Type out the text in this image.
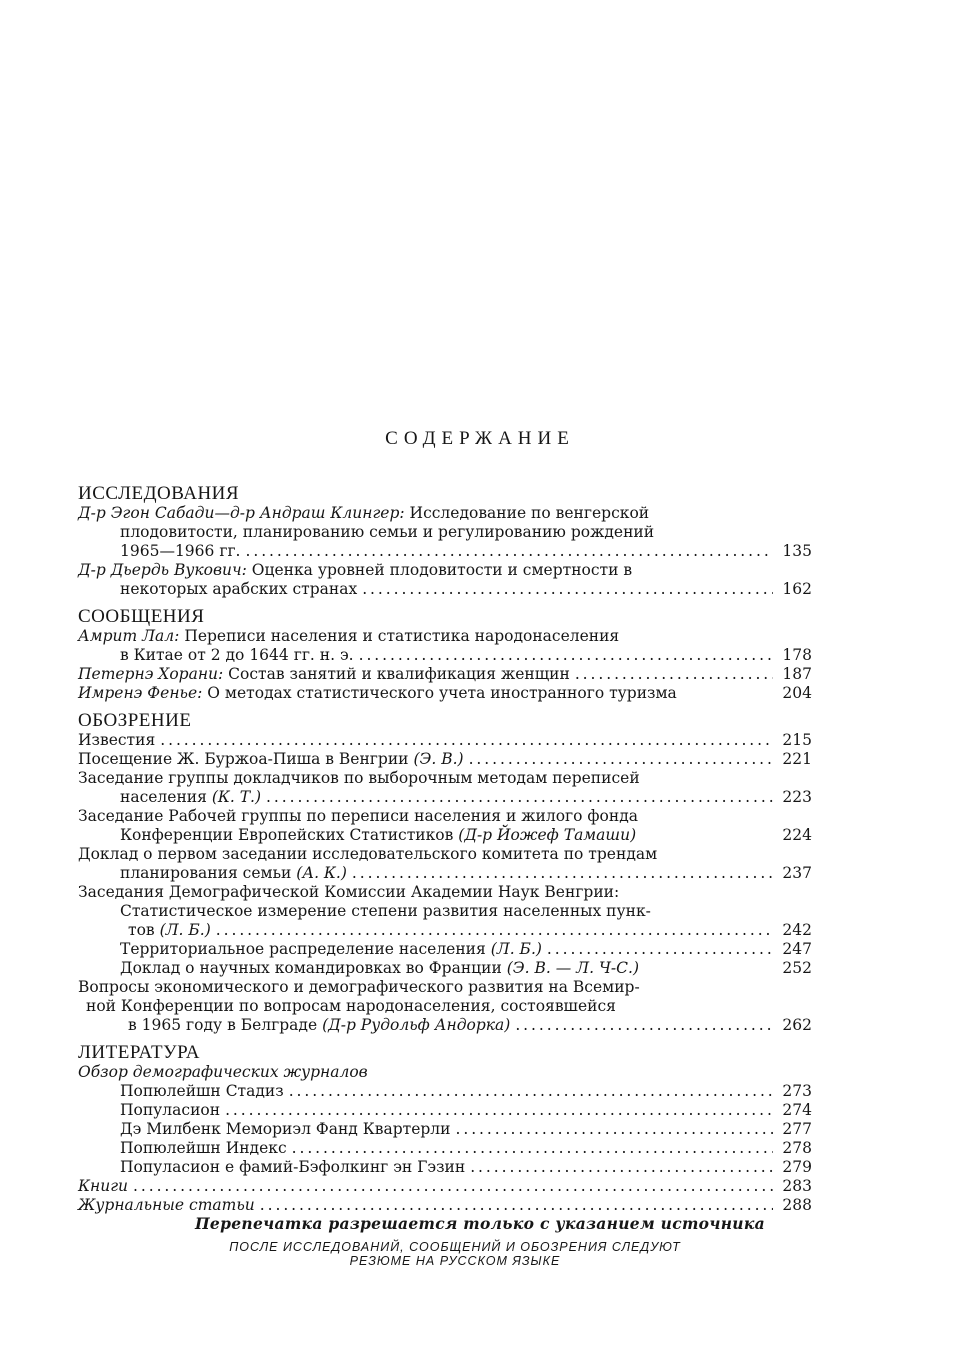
СОДЕРЖАНИЕ
ИССЛЕДОВАНИЯ
Д-р Эгон Сабади—д-р Андраш Клингер: Исследование по венгерской
плодовитости, планированию семьи и регулированию рождений
1965—1966 гг. . . .	135
Д-р Дьердь Вукович: Оценка уровней плодовитости и смертности в
некоторых арабских странах . . .	162
СООБЩЕНИЯ
Амрит Лал: Переписи населения и статистика народонаселения
в Китае от 2 до 1644 гг. н. э. . . .	178
Петернэ Хорани: Состав занятий и квалификация женщин . . .	187
Имренэ Фенье: О методах статистического учета иностранного туризма	204
ОБОЗРЕНИЕ
Известия . . .	215
Посещение Ж. Буржоа-Пиша в Венгрии (Э. В.) . . .	221
Заседание группы докладчиков по выборочным методам переписей
населения (К. Т.) . . .	223
Заседание Рабочей группы по переписи населения и жилого фонда
Конференции Европейских Статистиков (Д-р Йожеф Тамаши)	224
Доклад о первом заседании исследовательского комитета по трендам
планирования семьи (А. К.) . . .	237
Заседания Демографической Комиссии Академии Наук Венгрии:
Статистическое измерение степени развития населенных пунк-
тов (Л. Б.) . . .	242
Территориальное распределение населения (Л. Б.) . . .	247
Доклад о научных командировках во Франции (Э. В. — Л. Ч-С.)	252
Вопросы экономического и демографического развития на Всемир-
ной Конференции по вопросам народонаселения, состоявшейся
в 1965 году в Белграде (Д-р Рудольф Андорка) . . .	262
ЛИТЕРАТУРА
Обзор демографических журналов
Попюлейшн Стадиз . . .	273
Популасион . . .	274
Дэ Милбенк Мемориэл Фанд Квартерли . . .	277
Попюлейшн Индекс . . .	278
Популасион е фамий-Бэфолкинг эн Гэзин . . .	279
Книги . . .	283
Журнальные статьи . . .	288
Перепечатка разрешается только с указанием источника
ПОСЛЕ ИССЛЕДОВАНИЙ, СООБЩЕНИЙ И ОБОЗРЕНИЯ СЛЕДУЮТ
РЕЗЮМЕ НА РУССКОМ ЯЗЫКЕ
